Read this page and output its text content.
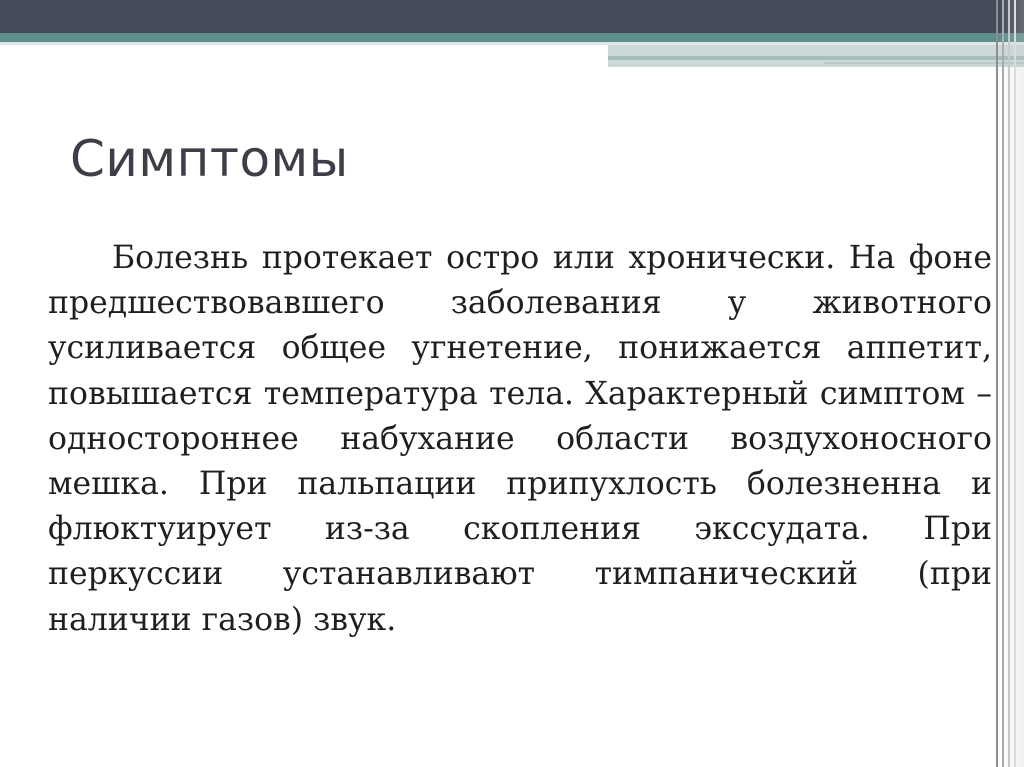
Симптомы

Болезнь протекает остро или хронически. На фоне предшествовавшего заболевания у животного усиливается общее угнетение, понижается аппетит, повышается температура тела. Характерный симптом – одностороннее набухание области воздухоносного мешка. При пальпации припухлость болезненна и флюктуирует из-за скопления экссудата. При перкуссии устанавливают тимпанический (при наличии газов) звук.
